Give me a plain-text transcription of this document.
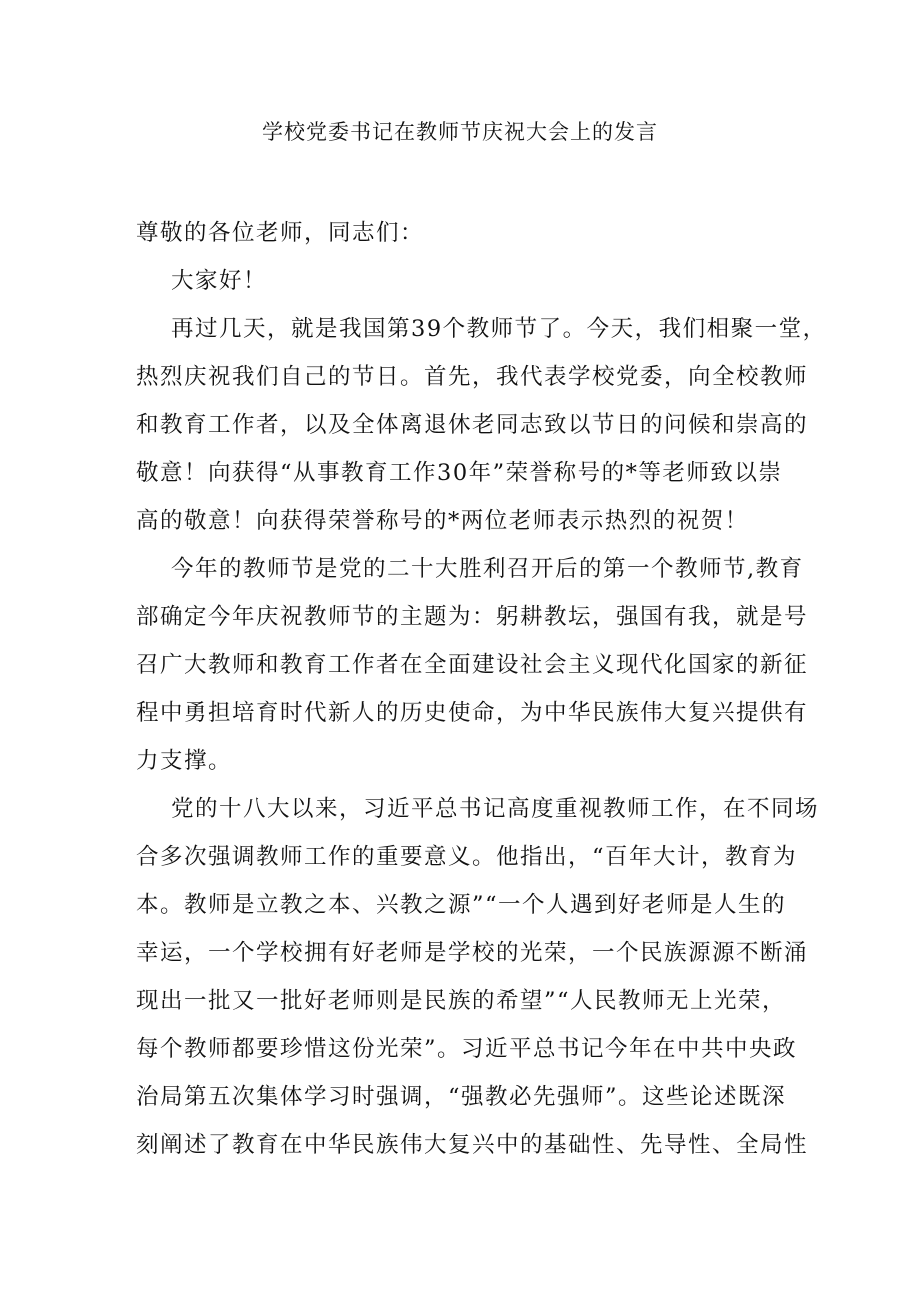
学校党委书记在教师节庆祝大会上的发言

尊敬的各位老师，同志们：

大家好！

再过几天，就是我国第39个教师节了。今天，我们相聚一堂，

热烈庆祝我们自己的节日。首先，我代表学校党委，向全校教师

和教育工作者，以及全体离退休老同志致以节日的问候和崇高的

敬意！向获得“从事教育工作30年”荣誉称号的*等老师致以崇

高的敬意！向获得荣誉称号的*两位老师表示热烈的祝贺！

今年的教师节是党的二十大胜利召开后的第一个教师节,教育

部确定今年庆祝教师节的主题为：躬耕教坛，强国有我，就是号

召广大教师和教育工作者在全面建设社会主义现代化国家的新征

程中勇担培育时代新人的历史使命，为中华民族伟大复兴提供有

力支撑。

党的十八大以来，习近平总书记高度重视教师工作，在不同场

合多次强调教师工作的重要意义。他指出，“百年大计，教育为

本。教师是立教之本、兴教之源”“一个人遇到好老师是人生的

幸运，一个学校拥有好老师是学校的光荣，一个民族源源不断涌

现出一批又一批好老师则是民族的希望”“人民教师无上光荣，

每个教师都要珍惜这份光荣”。习近平总书记今年在中共中央政

治局第五次集体学习时强调，“强教必先强师”。这些论述既深

刻阐述了教育在中华民族伟大复兴中的基础性、先导性、全局性
